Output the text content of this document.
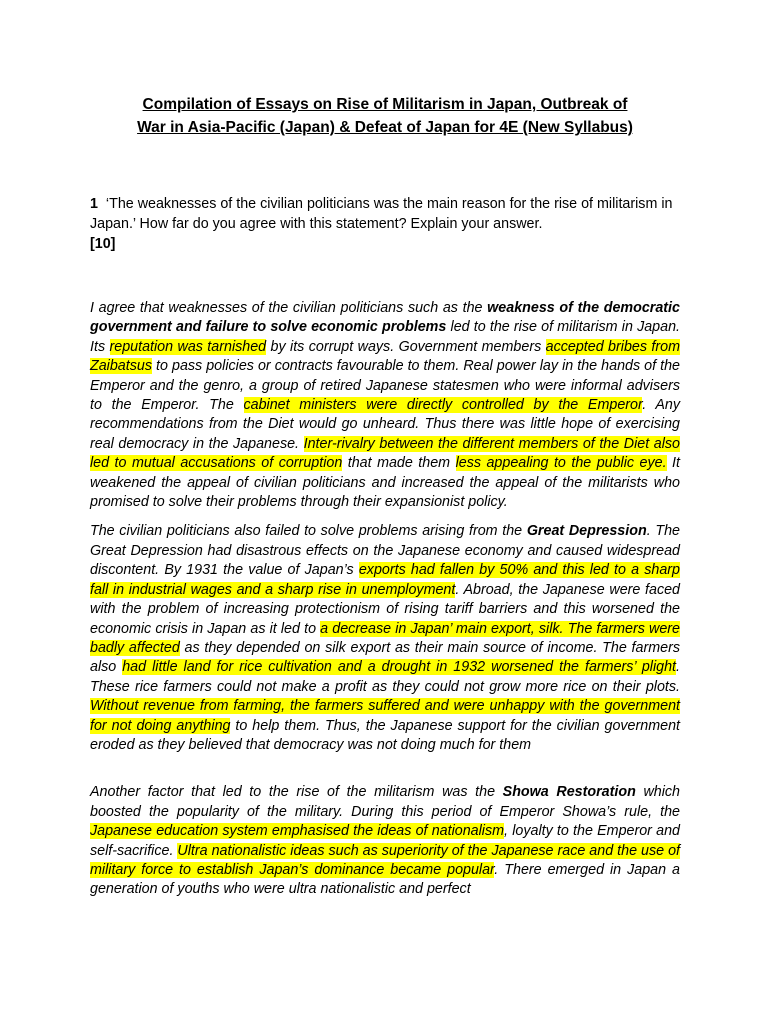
Compilation of Essays on Rise of Militarism in Japan, Outbreak of
War in Asia-Pacific (Japan) & Defeat of Japan for 4E (New Syllabus)
1 ‘The weaknesses of the civilian politicians was the main reason for the rise of militarism in Japan.’ How far do you agree with this statement? Explain your answer.
[10]

I agree that weaknesses of the civilian politicians such as the weakness of the democratic government and failure to solve economic problems led to the rise of militarism in Japan. Its reputation was tarnished by its corrupt ways. Government members accepted bribes from Zaibatsus to pass policies or contracts favourable to them. Real power lay in the hands of the Emperor and the genro, a group of retired Japanese statesmen who were informal advisers to the Emperor. The cabinet ministers were directly controlled by the Emperor. Any recommendations from the Diet would go unheard. Thus there was little hope of exercising real democracy in the Japanese. Inter-rivalry between the different members of the Diet also led to mutual accusations of corruption that made them less appealing to the public eye. It weakened the appeal of civilian politicians and increased the appeal of the militarists who promised to solve their problems through their expansionist policy.

The civilian politicians also failed to solve problems arising from the Great Depression. The Great Depression had disastrous effects on the Japanese economy and caused widespread discontent. By 1931 the value of Japan’s exports had fallen by 50% and this led to a sharp fall in industrial wages and a sharp rise in unemployment. Abroad, the Japanese were faced with the problem of increasing protectionism of rising tariff barriers and this worsened the economic crisis in Japan as it led to a decrease in Japan’ main export, silk. The farmers were badly affected as they depended on silk export as their main source of income. The farmers also had little land for rice cultivation and a drought in 1932 worsened the farmers’ plight. These rice farmers could not make a profit as they could not grow more rice on their plots. Without revenue from farming, the farmers suffered and were unhappy with the government for not doing anything to help them. Thus, the Japanese support for the civilian government eroded as they believed that democracy was not doing much for them

Another factor that led to the rise of the militarism was the Showa Restoration which boosted the popularity of the military. During this period of Emperor Showa’s rule, the Japanese education system emphasised the ideas of nationalism, loyalty to the Emperor and self-sacrifice. Ultra nationalistic ideas such as superiority of the Japanese race and the use of military force to establish Japan’s dominance became popular. There emerged in Japan a generation of youths who were ultra nationalistic and perfect
